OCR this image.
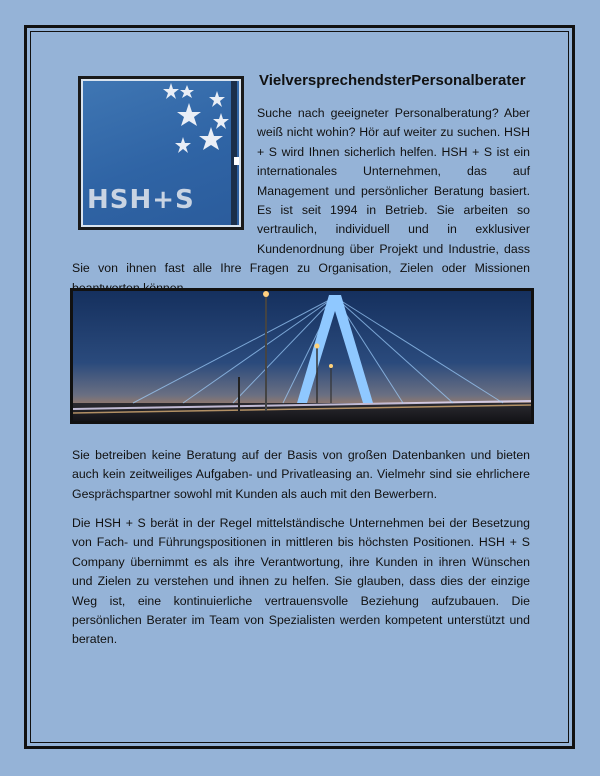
HSH+S
VielversprechendsterPersonalberater

Suche nach geeigneter Personalberatung? Aber weiß nicht wohin? Hör auf weiter zu suchen. HSH + S wird Ihnen sicherlich helfen. HSH + S ist ein internationales Unternehmen, das auf Management und persönlicher Beratung basiert. Es ist seit 1994 in Betrieb. Sie arbeiten so vertraulich, individuell und in exklusiver Kundenordnung über Projekt und Industrie, dass Sie von ihnen fast alle Ihre Fragen zu Organisation, Zielen oder Missionen

Sie betreiben keine Beratung auf der Basis von großen Datenbanken und bieten auch kein zeitweiliges Aufgaben- und Privatleasing an. Vielmehr sind sie ehrlichere Gesprächspartner sowohl mit Kunden als auch mit den Bewerbern.

Die HSH + S berät in der Regel mittelständische Unternehmen bei der Besetzung von Fach- und Führungspositionen in mittleren bis höchsten Positionen. HSH + S Company übernimmt es als ihre Verantwortung, ihre Kunden in ihren Wünschen und Zielen zu verstehen und ihnen zu helfen. Sie glauben, dass dies der einzige Weg ist, eine kontinuierliche vertrauensvolle Beziehung aufzubauen. Die persönlichen Berater im Team von Spezialisten werden kompetent unterstützt und beraten.
